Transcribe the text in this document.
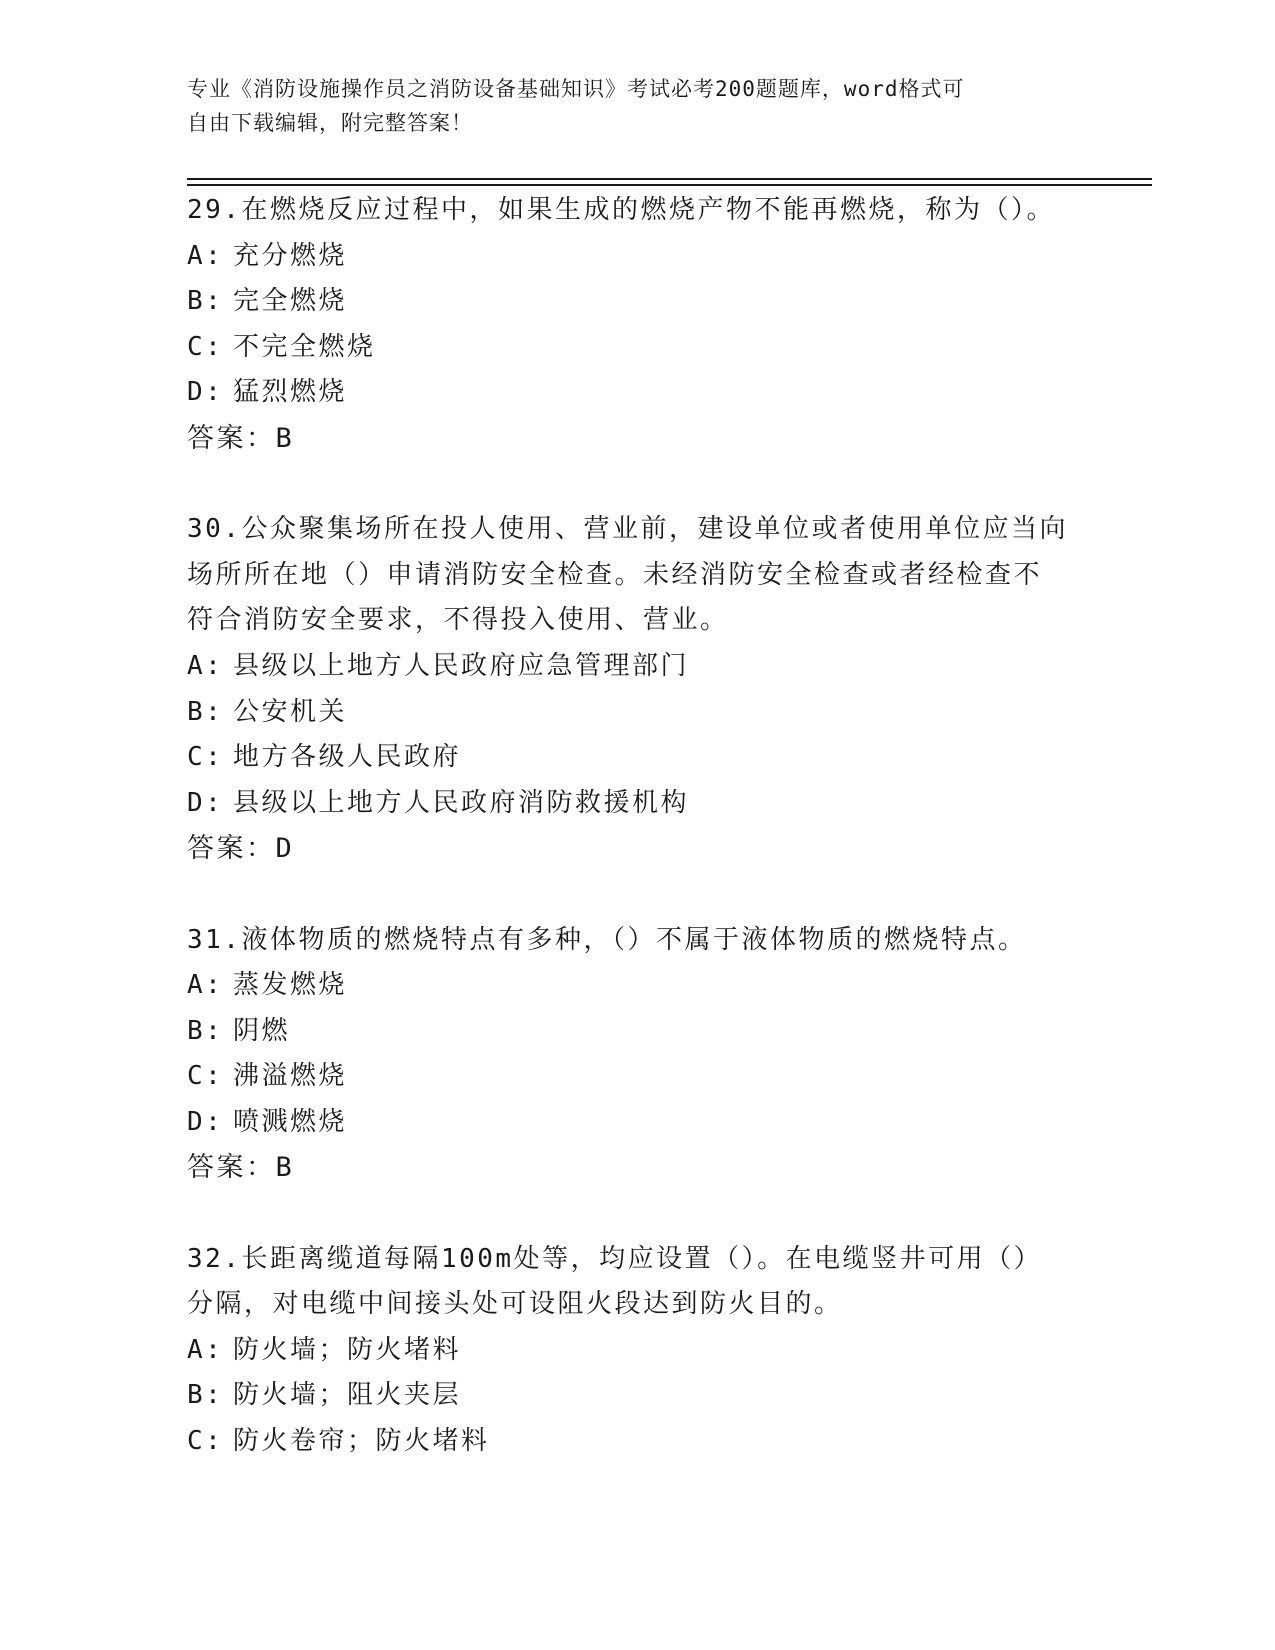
专业《消防设施操作员之消防设备基础知识》考试必考200题题库，word格式可
自由下载编辑，附完整答案！
29.在燃烧反应过程中，如果生成的燃烧产物不能再燃烧，称为（）。
A: 充分燃烧
B: 完全燃烧
C: 不完全燃烧
D: 猛烈燃烧
答案：B
30.公众聚集场所在投人使用、营业前，建设单位或者使用单位应当向
场所所在地（）申请消防安全检查。未经消防安全检查或者经检查不
符合消防安全要求，不得投入使用、营业。
A: 县级以上地方人民政府应急管理部门
B: 公安机关
C: 地方各级人民政府
D: 县级以上地方人民政府消防救援机构
答案：D
31.液体物质的燃烧特点有多种，（）不属于液体物质的燃烧特点。
A: 蒸发燃烧
B: 阴燃
C: 沸溢燃烧
D: 喷溅燃烧
答案：B
32.长距离缆道每隔100m处等，均应设置（）。在电缆竖井可用（）
分隔，对电缆中间接头处可设阻火段达到防火目的。
A: 防火墙；防火堵料
B: 防火墙；阻火夹层
C: 防火卷帘；防火堵料
